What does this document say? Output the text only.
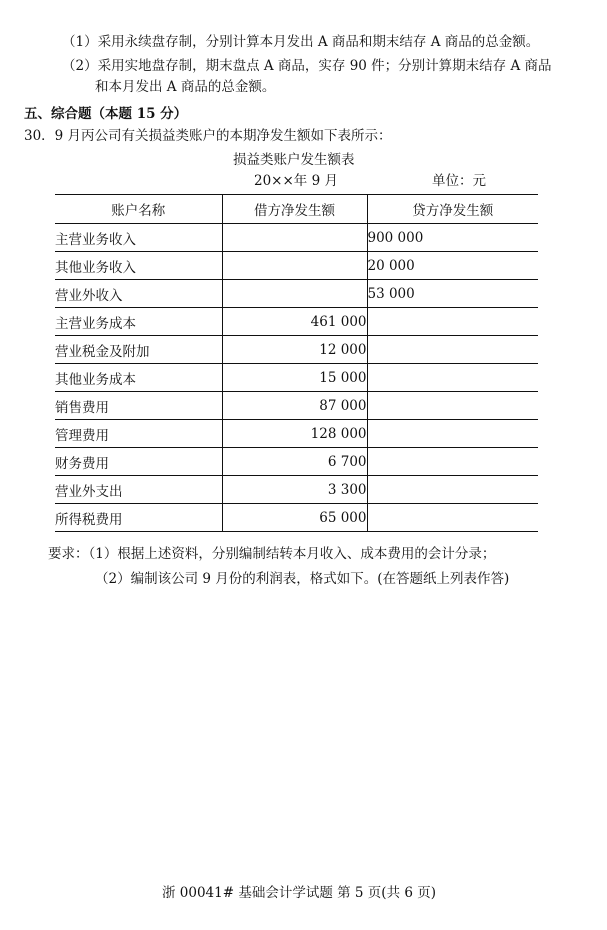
（1）采用永续盘存制，分别计算本月发出 A 商品和期末结存 A 商品的总金额。
（2）采用实地盘存制，期末盘点 A 商品，实存 90 件；分别计算期末结存 A 商品
和本月发出 A 商品的总金额。
五、综合题（本题 15 分）
30．9 月丙公司有关损益类账户的本期净发生额如下表所示：
损益类账户发生额表
20××年 9 月	单位：元
账户名称	借方净发生额	贷方净发生额
主营业务收入		900 000
其他业务收入		20 000
营业外收入		53 000
主营业务成本	461 000	
营业税金及附加	12 000	
其他业务成本	15 000	
销售费用	87 000	
管理费用	128 000	
财务费用	6 700	
营业外支出	3 300	
所得税费用	65 000	
要求：（1）根据上述资料，分别编制结转本月收入、成本费用的会计分录；
（2）编制该公司 9 月份的利润表，格式如下。(在答题纸上列表作答)
浙 00041# 基础会计学试题 第 5 页(共 6 页)
